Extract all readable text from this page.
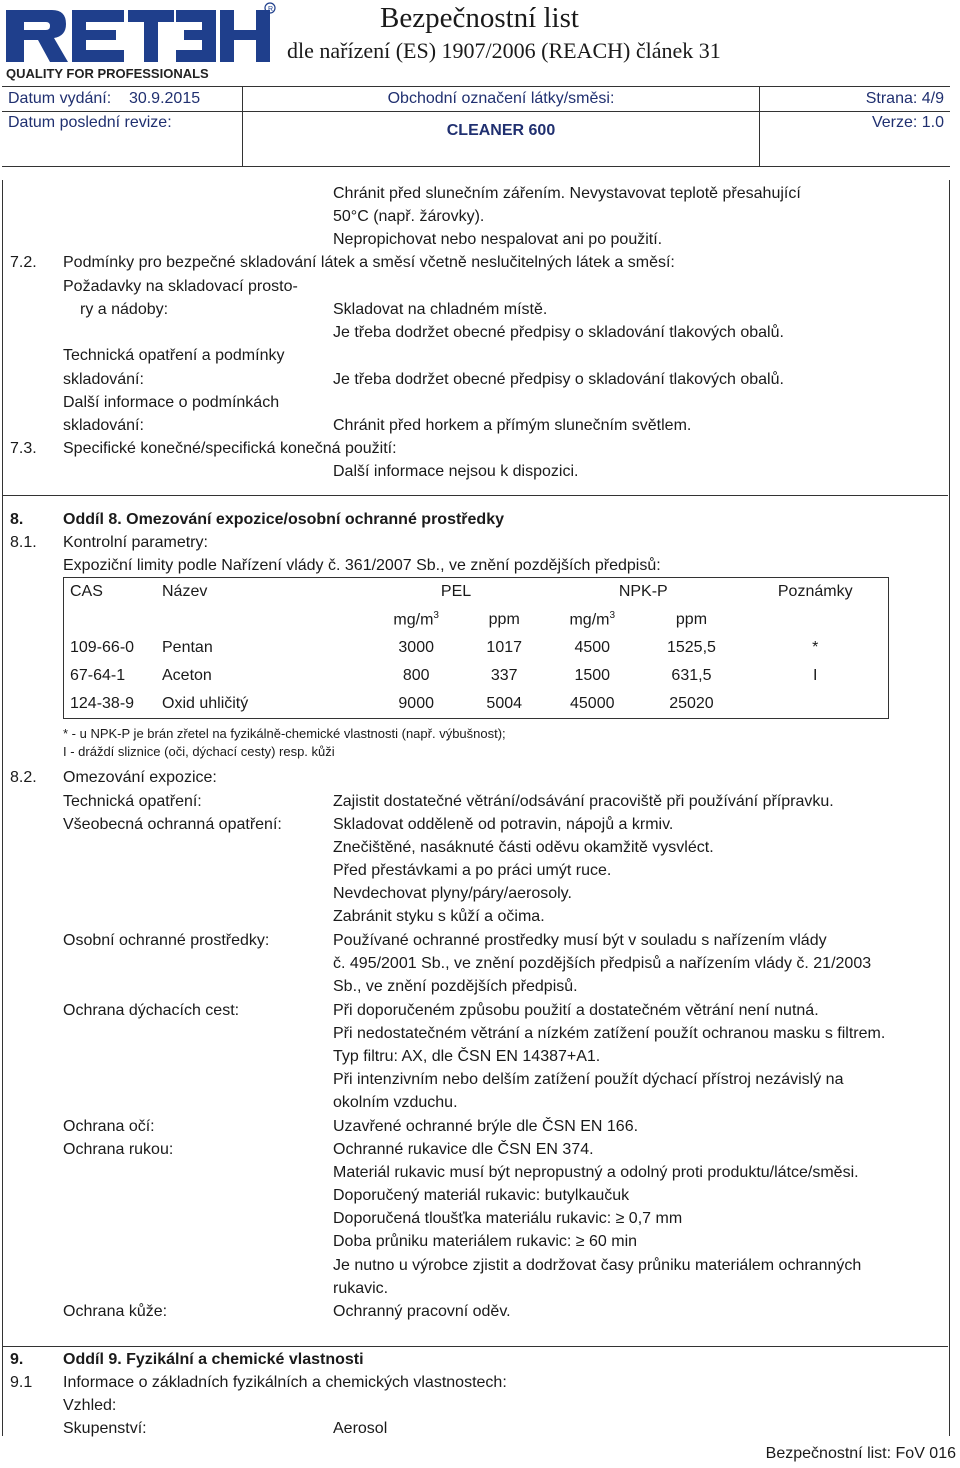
R
QUALITY FOR PROFESSIONALS
Bezpečnostní list
dle nařízení (ES) 1907/2006 (REACH) článek 31
Datum vydání: 30.9.2015	Obchodní označení látky/směsi:	Strana: 4/9
Datum poslední revize:	CLEANER 600	Verze: 1.0
Chránit před slunečním zářením. Nevystavovat teplotě přesahující
50°C (např. žárovky).
Nepropichovat nebo nespalovat ani po použití.
7.2. Podmínky pro bezpečné skladování látek a směsí včetně neslučitelných látek a směsí:
Požadavky na skladovací prosto-
ry a nádoby:	Skladovat na chladném místě.
Je třeba dodržet obecné předpisy o skladování tlakových obalů.
Technická opatření a podmínky
skladování:	Je třeba dodržet obecné předpisy o skladování tlakových obalů.
Další informace o podmínkách
skladování:	Chránit před horkem a přímým slunečním světlem.
7.3. Specifické konečné/specifická konečná použití:
Další informace nejsou k dispozici.
8. Oddíl 8. Omezování expozice/osobní ochranné prostředky
8.1. Kontrolní parametry:
Expoziční limity podle Nařízení vlády č. 361/2007 Sb., ve znění pozdějších předpisů:
CAS	Název	PEL		NPK-P		Poznámky
		$mg/m^3$	ppm	$mg/m^3$	ppm	
109-66-0	Pentan	3000	1017	4500	1525,5	*
67-64-1	Aceton	800	337	1500	631,5	I
124-38-9	Oxid uhličitý	9000	5004	45000	25020	
* - u NPK-P je brán zřetel na fyzikálně-chemické vlastnosti (např. výbušnost);
I - dráždí sliznice (oči, dýchací cesty) resp. kůži
8.2. Omezování expozice:
Technická opatření:	Zajistit dostatečné větrání/odsávání pracoviště při používání přípravku.
Všeobecná ochranná opatření:	Skladovat odděleně od potravin, nápojů a krmiv.
Znečištěné, nasáknuté části oděvu okamžitě vysvléct.
Před přestávkami a po práci umýt ruce.
Nevdechovat plyny/páry/aerosoly.
Zabránit styku s kůží a očima.
Osobní ochranné prostředky:	Používané ochranné prostředky musí být v souladu s nařízením vlády
č. 495/2001 Sb., ve znění pozdějších předpisů a nařízením vlády č. 21/2003
Sb., ve znění pozdějších předpisů.
Ochrana dýchacích cest:	Při doporučeném způsobu použití a dostatečném větrání není nutná.
Při nedostatečném větrání a nízkém zatížení použít ochranou masku s filtrem.
Typ filtru: AX, dle ČSN EN 14387+A1.
Při intenzivním nebo delším zatížení použít dýchací přístroj nezávislý na
okolním vzduchu.
Ochrana očí:	Uzavřené ochranné brýle dle ČSN EN 166.
Ochrana rukou:	Ochranné rukavice dle ČSN EN 374.
Materiál rukavic musí být nepropustný a odolný proti produktu/látce/směsi.
Doporučený materiál rukavic: butylkaučuk
Doporučená tloušťka materiálu rukavic: ≥ 0,7 mm
Doba průniku materiálem rukavic: ≥ 60 min
Je nutno u výrobce zjistit a dodržovat časy průniku materiálem ochranných
rukavic.
Ochrana kůže:	Ochranný pracovní oděv.
9. Oddíl 9. Fyzikální a chemické vlastnosti
9.1 Informace o základních fyzikálních a chemických vlastnostech:
Vzhled:
Skupenství:	Aerosol
Bezpečnostní list: FoV 016
